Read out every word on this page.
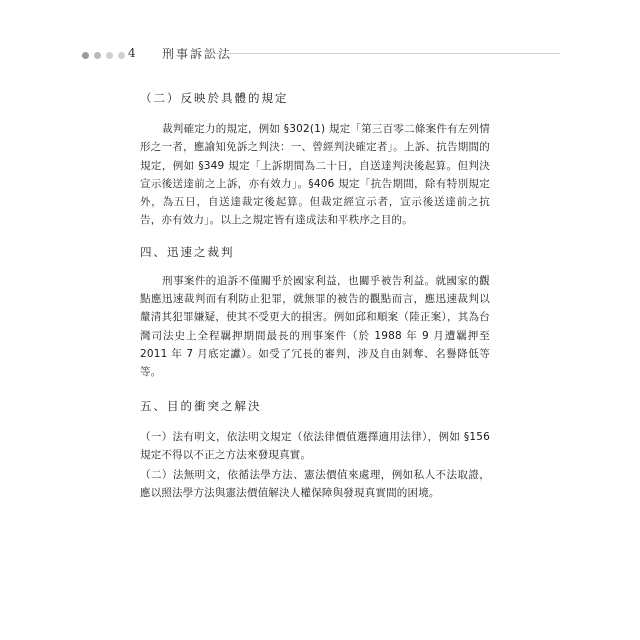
4 刑事訴訟法

（二）反映於具體的規定

裁判確定力的規定，例如 §302(1) 規定「第三百零二條案件有左列情形之一者，應諭知免訴之判決：一、曾經判決確定者」。上訴、抗告期間的規定，例如 §349 規定「上訴期間為二十日，自送達判決後起算。但判決宣示後送達前之上訴，亦有效力」。§406 規定「抗告期間，除有特別規定外，為五日，自送達裁定後起算。但裁定經宣示者，宣示後送達前之抗告，亦有效力」。以上之規定皆有達成法和平秩序之目的。

四、迅速之裁判

刑事案件的追訴不僅關乎於國家利益，也關乎被告利益。就國家的觀點應迅速裁判而有利防止犯罪，就無罪的被告的觀點而言，應迅速裁判以釐清其犯罪嫌疑，使其不受更大的損害。例如邱和順案（陸正案），其為台灣司法史上全程羈押期間最長的刑事案件（於 1988 年 9 月遭羈押至 2011 年 7 月底定讞）。如受了冗長的審判，涉及自由剝奪、名譽降低等等。

五、目的衝突之解決

（一）法有明文，依法明文規定（依法律價值選擇適用法律），例如 §156 規定不得以不正之方法來發現真實。

（二）法無明文，依循法學方法、憲法價值來處理，例如私人不法取證，應以照法學方法與憲法價值解決人權保障與發現真實間的困境。
